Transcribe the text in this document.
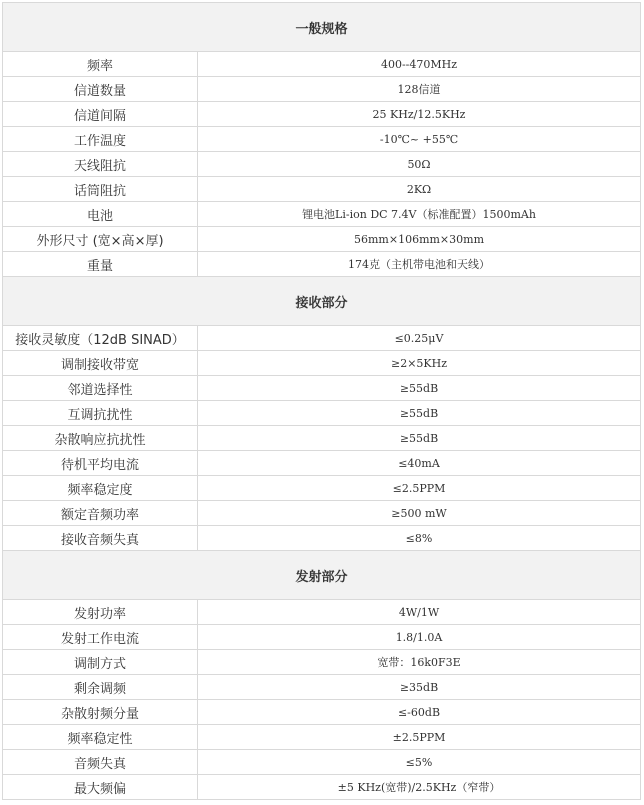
一般规格	
频率	400--470MHz
信道数量	128信道
信道间隔	25 KHz/12.5KHz
工作温度	-10℃~ +55℃
天线阻抗	50Ω
话筒阻抗	2KΩ
电池	锂电池Li-ion DC 7.4V（标准配置）1500mAh
外形尺寸 (宽×高×厚)	56mm×106mm×30mm
重量	174克（主机带电池和天线）
接收部分	
接收灵敏度（12dB SINAD）	≤0.25μV
调制接收带宽	≥2×5KHz
邻道选择性	≥55dB
互调抗扰性	≥55dB
杂散响应抗扰性	≥55dB
待机平均电流	≤40mA
频率稳定度	≤2.5PPM
额定音频功率	≥500 mW
接收音频失真	≤8%
发射部分	
发射功率	4W/1W
发射工作电流	1.8/1.0A
调制方式	宽带：16k0F3E
剩余调频	≥35dB
杂散射频分量	≤-60dB
频率稳定性	±2.5PPM
音频失真	≤5%
最大频偏	±5 KHz(宽带)/2.5KHz（窄带）
